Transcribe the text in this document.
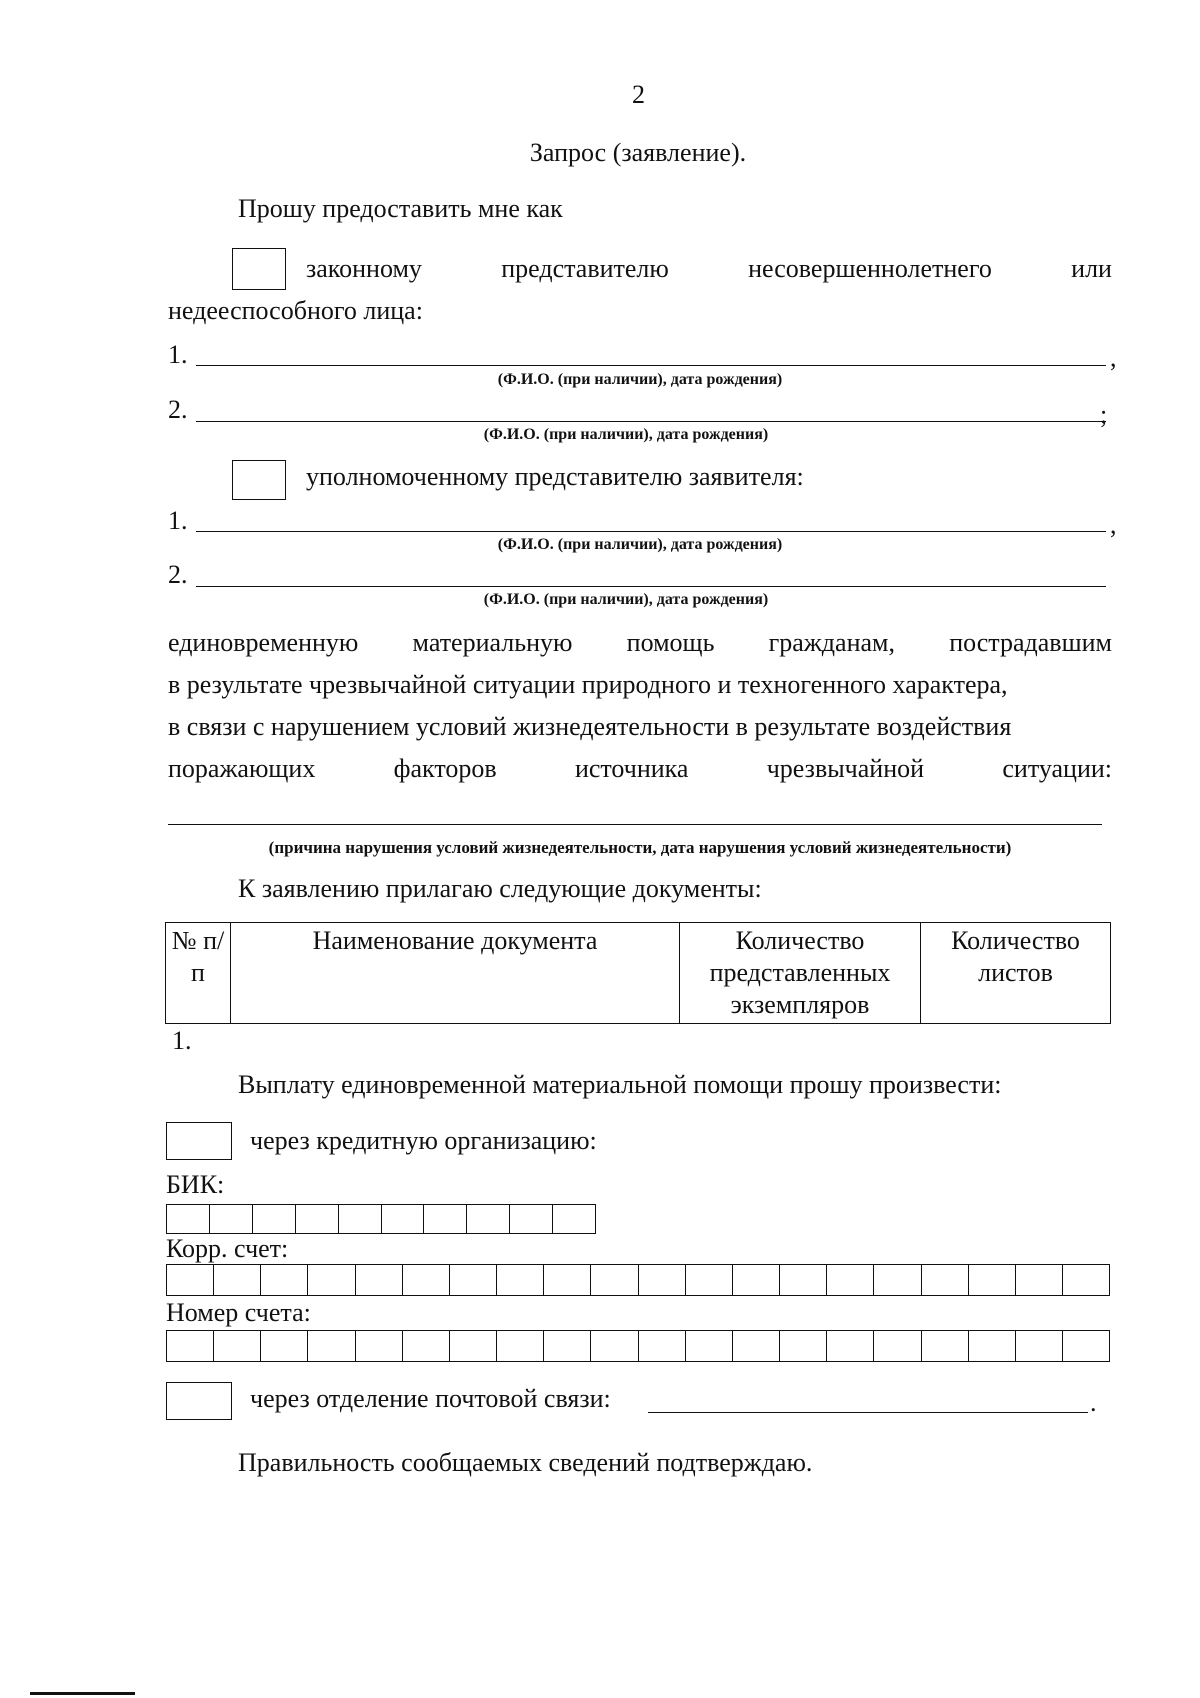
2
Запрос (заявление).
Прошу предоставить мне как
законному	представителю	несовершеннолетнего	или
недееспособного лица:
1.	,
(Ф.И.О. (при наличии), дата рождения)
2.	;
(Ф.И.О. (при наличии), дата рождения)
уполномоченному представителю заявителя:
1.	,
(Ф.И.О. (при наличии), дата рождения)
2.
(Ф.И.О. (при наличии), дата рождения)
единовременную материальную помощь гражданам, пострадавшим
в результате чрезвычайной ситуации природного и техногенного характера,
в связи с нарушением условий жизнедеятельности в результате воздействия
поражающих	факторов	источника	чрезвычайной	ситуации:
(причина нарушения условий жизнедеятельности, дата нарушения условий жизнедеятельности)
К заявлению прилагаю следующие документы:
№ п/п	Наименование документа	Количество представленных экземпляров	Количество листов
1.
Выплату единовременной материальной помощи прошу произвести:
через кредитную организацию:
БИК:
Корр. счет:
Номер счета:
через отделение почтовой связи:	.
Правильность сообщаемых сведений подтверждаю.
